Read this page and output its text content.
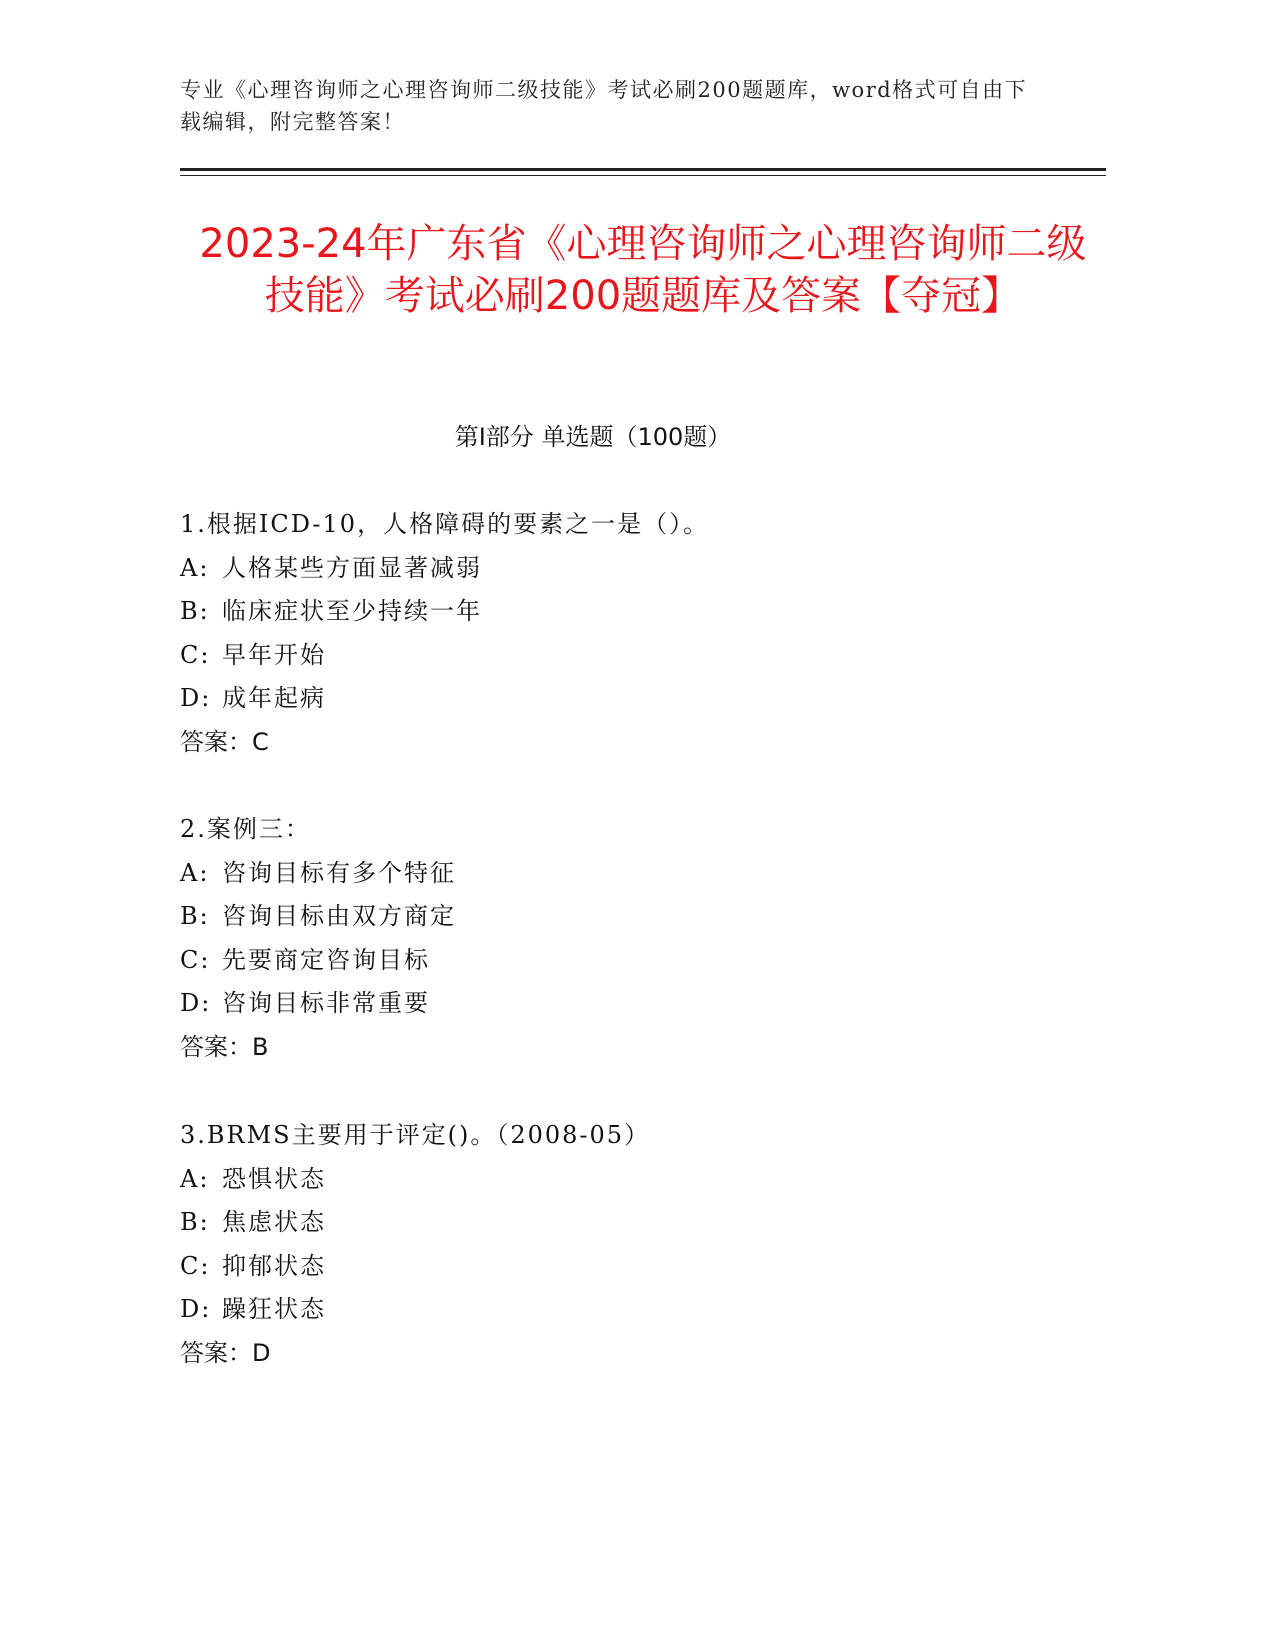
专业《心理咨询师之心理咨询师二级技能》考试必刷200题题库，word格式可自由下载编辑，附完整答案！
2023-24年广东省《心理咨询师之心理咨询师二级技能》考试必刷200题题库及答案【夺冠】
第I部分 单选题（100题）
1.根据ICD-10，人格障碍的要素之一是（）。
A: 人格某些方面显著减弱
B: 临床症状至少持续一年
C: 早年开始
D: 成年起病
答案：C
2.案例三：
A: 咨询目标有多个特征
B: 咨询目标由双方商定
C: 先要商定咨询目标
D: 咨询目标非常重要
答案：B
3.BRMS主要用于评定()。（2008-05）
A: 恐惧状态
B: 焦虑状态
C: 抑郁状态
D: 躁狂状态
答案：D
